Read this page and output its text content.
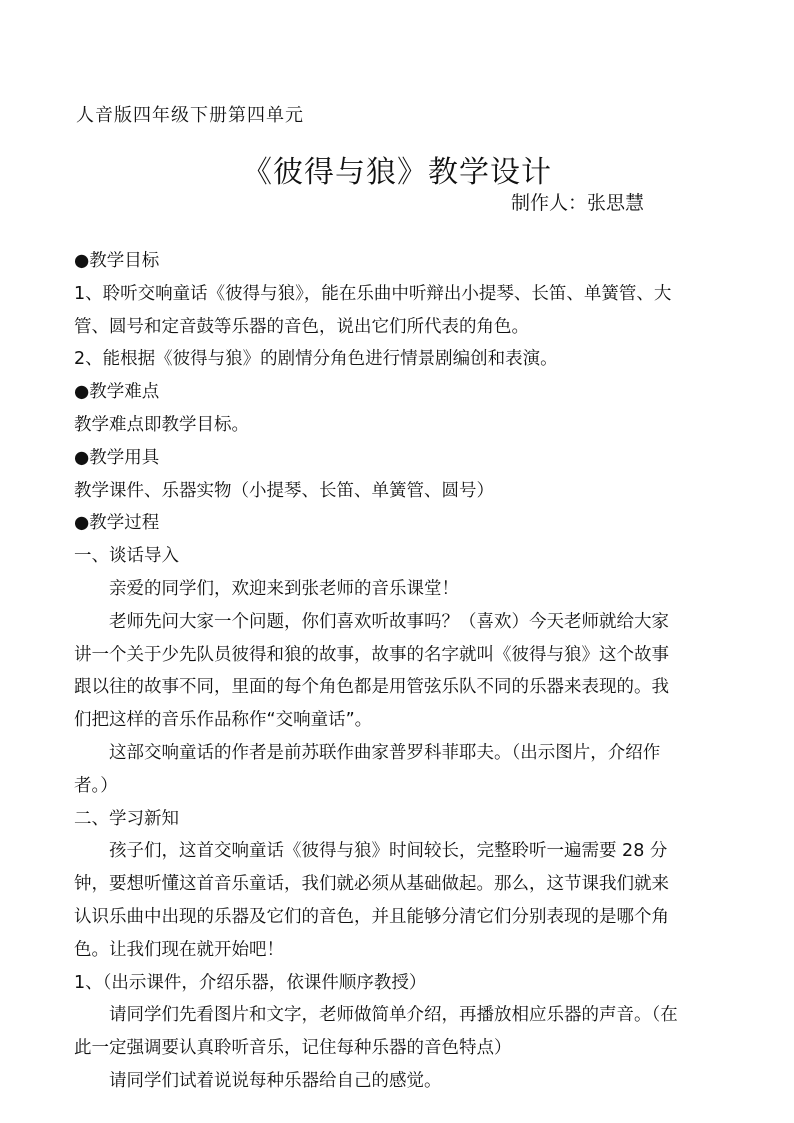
人音版四年级下册第四单元
《彼得与狼》教学设计
制作人：张思慧
● 教学目标
1、聆听交响童话《彼得与狼》，能在乐曲中听辩出小提琴、长笛、单簧管、大
管、圆号和定音鼓等乐器的音色，说出它们所代表的角色。
2、能根据《彼得与狼》的剧情分角色进行情景剧编创和表演。
● 教学难点
教学难点即教学目标。
● 教学用具
教学课件、乐器实物（小提琴、长笛、单簧管、圆号）
● 教学过程
一、谈话导入
亲爱的同学们，欢迎来到张老师的音乐课堂！
老师先问大家一个问题，你们喜欢听故事吗？（喜欢）今天老师就给大家
讲一个关于少先队员彼得和狼的故事，故事的名字就叫《彼得与狼》这个故事
跟以往的故事不同，里面的每个角色都是用管弦乐队不同的乐器来表现的。我
们把这样的音乐作品称作“交响童话”。
这部交响童话的作者是前苏联作曲家普罗科菲耶夫。（出示图片，介绍作
者。）
二、学习新知
孩子们，这首交响童话《彼得与狼》时间较长，完整聆听一遍需要 28 分
钟，要想听懂这首音乐童话，我们就必须从基础做起。那么，这节课我们就来
认识乐曲中出现的乐器及它们的音色，并且能够分清它们分别表现的是哪个角
色。让我们现在就开始吧！
1、（出示课件，介绍乐器，依课件顺序教授）
请同学们先看图片和文字，老师做简单介绍，再播放相应乐器的声音。（在
此一定强调要认真聆听音乐，记住每种乐器的音色特点）
请同学们试着说说每种乐器给自己的感觉。
